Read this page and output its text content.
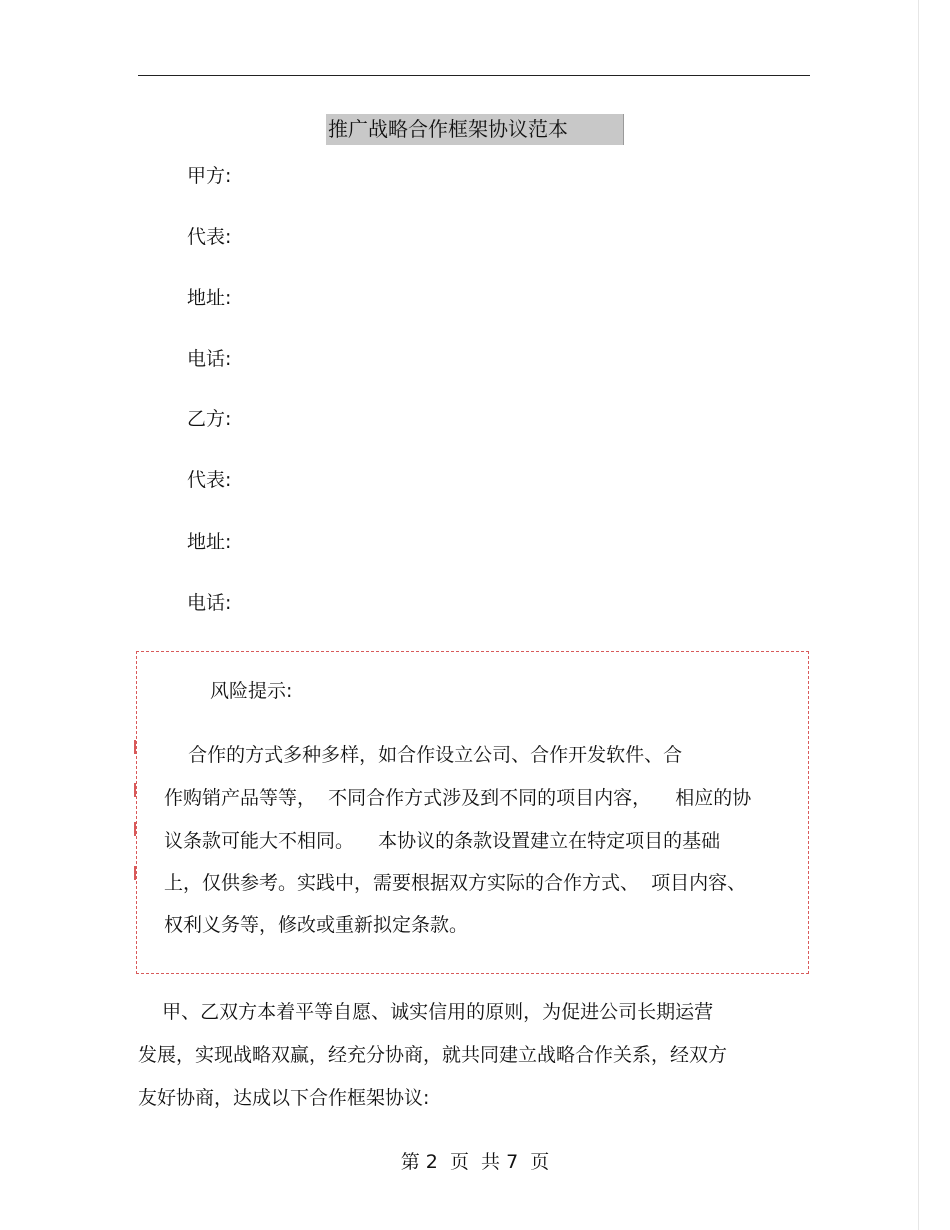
推广战略合作框架协议范本
甲方:
代表:
地址:
电话:
乙方:
代表:
地址:
电话:
风险提示:
合作的方式多种多样，如合作设立公司、合作开发软件、合
作购销产品等等，  不同合作方式涉及到不同的项目内容，    相应的协
议条款可能大不相同。    本协议的条款设置建立在特定项目的基础
上，仅供参考。实践中，需要根据双方实际的合作方式、  项目内容、
权利义务等，修改或重新拟定条款。
甲、乙双方本着平等自愿、诚实信用的原则，为促进公司长期运营
发展，实现战略双赢，经充分协商，就共同建立战略合作关系，经双方
友好协商，达成以下合作框架协议:
第 2  页  共 7  页
